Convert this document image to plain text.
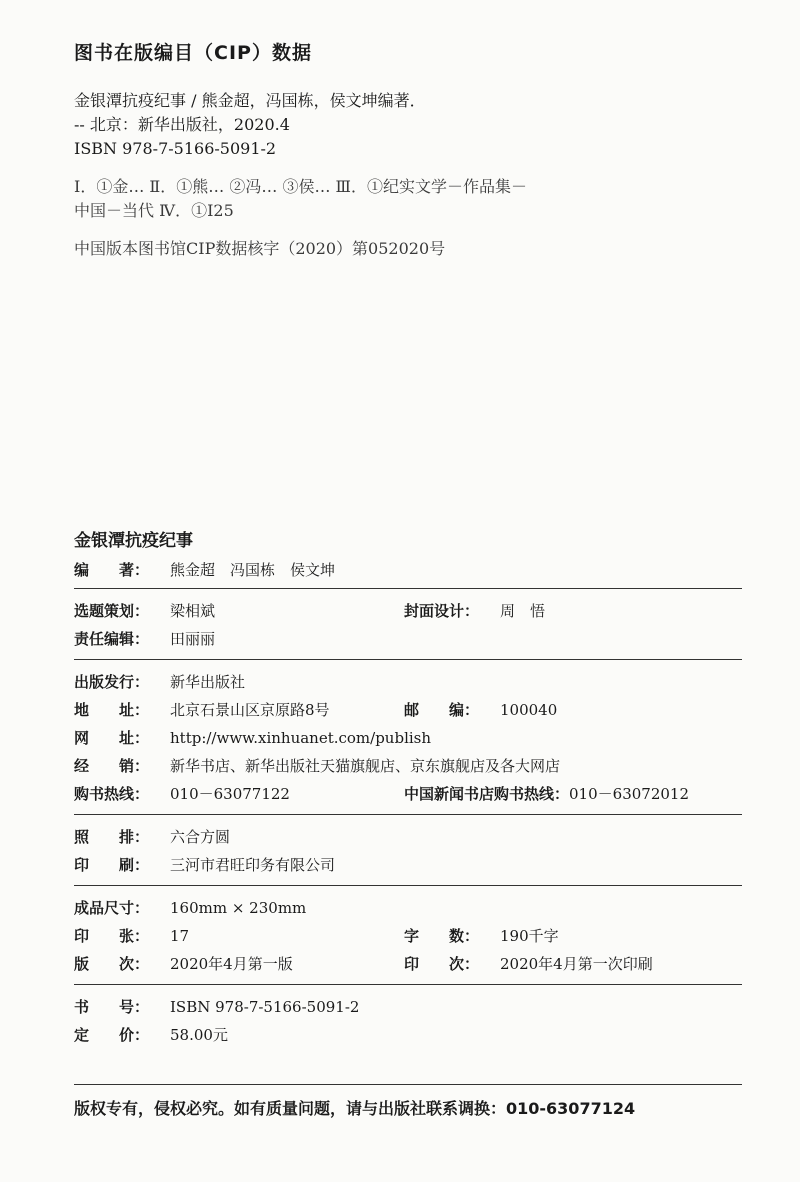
图书在版编目（CIP）数据
金银潭抗疫纪事 / 熊金超，冯国栋，侯文坤编著．
-- 北京：新华出版社，2020.4
ISBN 978-7-5166-5091-2
Ⅰ．①金… Ⅱ．①熊… ②冯… ③侯… Ⅲ．①纪实文学－作品集－
中国－当代 Ⅳ．①I25
中国版本图书馆CIP数据核字（2020）第052020号
金银潭抗疫纪事
编　　著：	熊金超　冯国栋　侯文坤
选题策划：	梁相斌	封面设计：	周　悟
责任编辑：	田丽丽
出版发行：	新华出版社
地　　址：	北京石景山区京原路8号	邮　　编：	100040
网　　址：	http://www.xinhuanet.com/publish
经　　销：	新华书店、新华出版社天猫旗舰店、京东旗舰店及各大网店
购书热线：	010－63077122	中国新闻书店购书热线： 010－63072012
照　　排：	六合方圆
印　　刷：	三河市君旺印务有限公司
成品尺寸：	160mm × 230mm
印　　张：	17	字　　数：	190千字
版　　次：	2020年4月第一版	印　　次：	2020年4月第一次印刷
书　　号：	ISBN 978-7-5166-5091-2
定　　价：	58.00元
版权专有，侵权必究。如有质量问题，请与出版社联系调换：010-63077124
